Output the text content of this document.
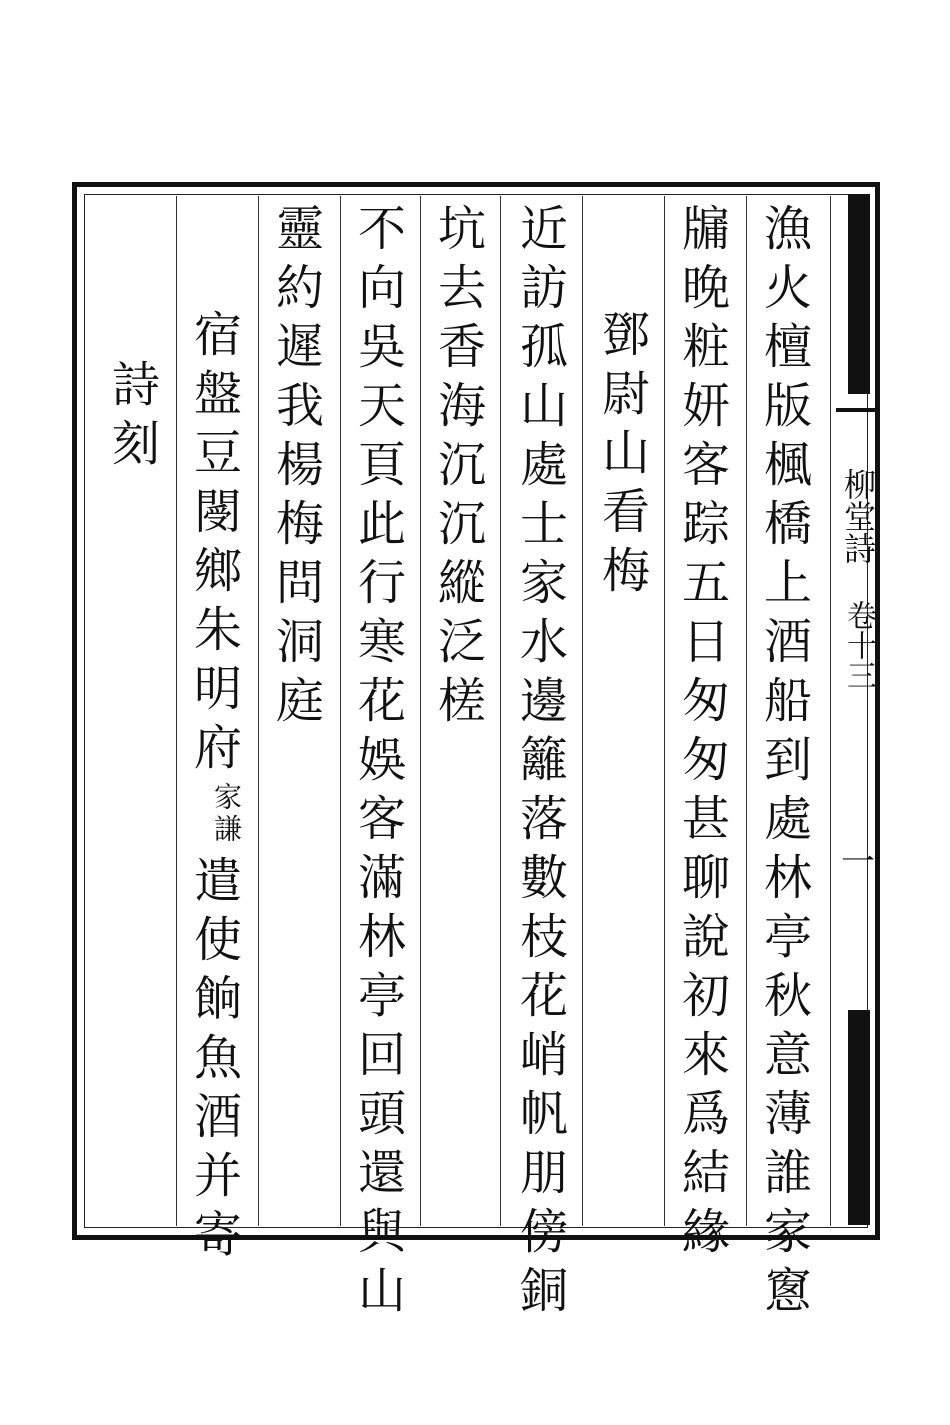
柳堂詩
卷十三
一
漁
火
檀
版
楓
橋
上
酒
船
到
處
林
亭
秋
意
薄
誰
家
窻
牖
晚
粧
妍
客
踪
五
日
匆
匆
甚
聊
說
初
來
爲
結
緣
鄧
尉
山
看
梅
近
訪
孤
山
處
士
家
水
邊
籬
落
數
枝
花
峭
帆
朋
傍
銅
坑
去
香
海
沉
沉
縱
泛
槎
不
向
吳
天
頁
此
行
寒
花
娛
客
滿
林
亭
回
頭
還
與
山
靈
約
遲
我
楊
梅
問
洞
庭
宿
盤
豆
閿
鄉
朱
明
府
家謙
遣
使
餉
魚
酒
并
寄
詩
刻
